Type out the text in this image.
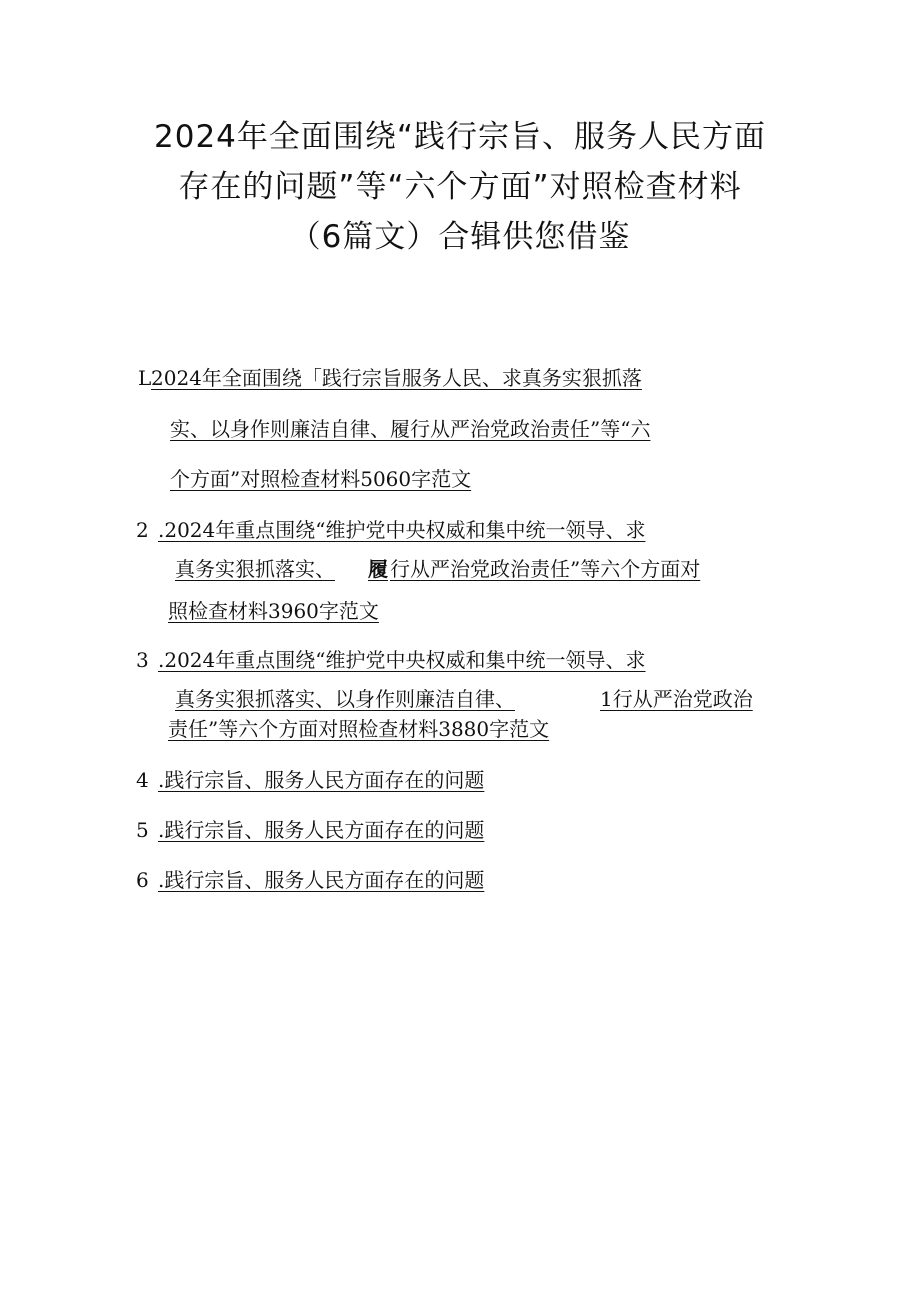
2024年全面围绕“践行宗旨、服务人民方面
存在的问题”等“六个方面”对照检查材料
（6篇文）合辑供您借鉴
L 2024年全面围绕「践行宗旨服务人民、求真务实狠抓落
实、以身作则廉洁自律、履行从严治党政治责任”等“六
个方面”对照检查材料5060字范文
2 .2024年重点围绕“维护党中央权威和集中统一领导、求
真务实狠抓落实、 履 行从严治党政治责任”等六个方面对
照检查材料3960字范文
3 .2024年重点围绕“维护党中央权威和集中统一领导、求
真务实狠抓落实、以身作则廉洁自律、	1行从严治党政治
责任”等六个方面对照检查材料3880字范文
4 .践行宗旨、服务人民方面存在的问题
5 .践行宗旨、服务人民方面存在的问题
6 .践行宗旨、服务人民方面存在的问题
